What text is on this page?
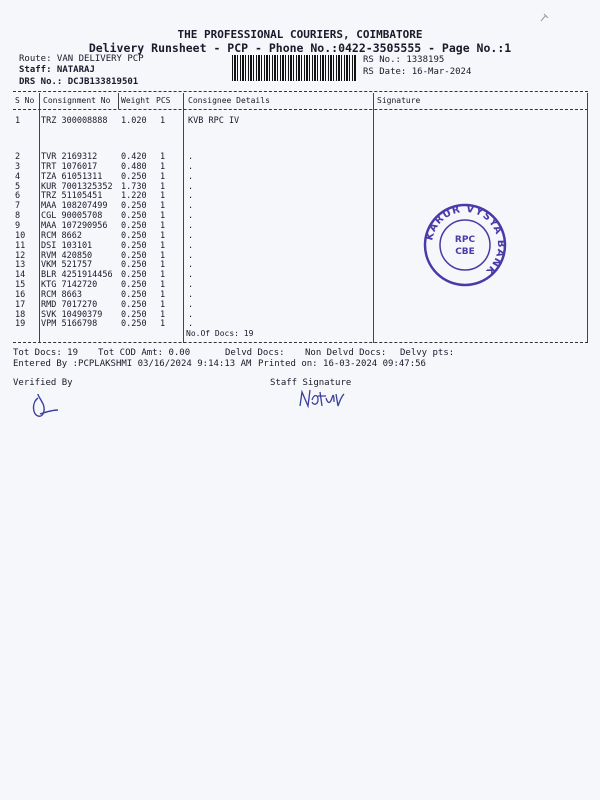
THE PROFESSIONAL COURIERS, COIMBATORE
Delivery Runsheet - PCP - Phone No.:0422-3505555 - Page No.:1
Route: VAN DELIVERY PCP
Staff: NATARAJ
DRS No.: DCJB133819501
RS No.: 1338195
RS Date: 16-Mar-2024
S No Consignment No Weight PCS Consignee Details	Signature
1 TRZ 300008888 1.020 1	KVB RPC IV
2 TVR 2169312	0.420 1	.
3 TRT 1076017	0.480 1	.
4 TZA 61051311 0.250 1	.
5 KUR 7001325352 1.730 1	.
6 TRZ 51105451 1.220 1	.
7 MAA 108207499 0.250 1	.
8 CGL 90005708 0.250 1	.
9 MAA 107290956 0.250 1	.
10 RCM 8662	0.250 1	.
11 DSI 103101	0.250 1	.
12 RVM 420850	0.250 1	.
13 VKM 521757	0.250 1	.
14 BLR 4251914456 0.250 1	.
15 KTG 7142720	0.250 1	.
16 RCM 8663	0.250 1	.
17 RMD 7017270	0.250 1	.
18 SVK 10490379 0.250 1	.
19 VPM 5166798	0.250 1	.
No.Of Docs: 19
KARUR VYSYA BANK
RPC
CBE
Tot Docs: 19 Tot COD Amt: 0.00	Delvd Docs: Non Delvd Docs: Delvy pts:
Entered By :PCPLAKSHMI 03/16/2024 9:14:13 AM Printed on: 16-03-2024 09:47:56
Verified By	Staff Signature
